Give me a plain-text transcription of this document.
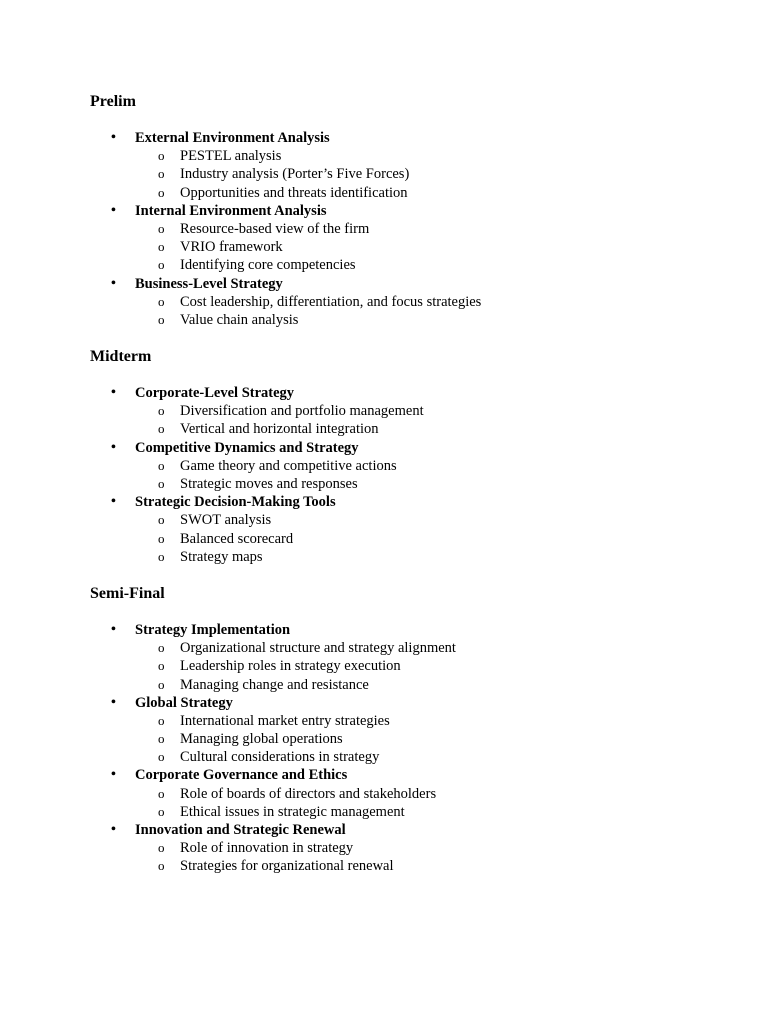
Prelim
•	External Environment Analysis
o PESTEL analysis
o Industry analysis (Porter’s Five Forces)
o Opportunities and threats identification
•	Internal Environment Analysis
o Resource-based view of the firm
o VRIO framework
o Identifying core competencies
•	Business-Level Strategy
o Cost leadership, differentiation, and focus strategies
o Value chain analysis
Midterm
•	Corporate-Level Strategy
o Diversification and portfolio management
o Vertical and horizontal integration
•	Competitive Dynamics and Strategy
o Game theory and competitive actions
o Strategic moves and responses
•	Strategic Decision-Making Tools
o SWOT analysis
o Balanced scorecard
o Strategy maps
Semi-Final
•	Strategy Implementation
o Organizational structure and strategy alignment
o Leadership roles in strategy execution
o Managing change and resistance
•	Global Strategy
o International market entry strategies
o Managing global operations
o Cultural considerations in strategy
•	Corporate Governance and Ethics
o Role of boards of directors and stakeholders
o Ethical issues in strategic management
•	Innovation and Strategic Renewal
o Role of innovation in strategy
o Strategies for organizational renewal
